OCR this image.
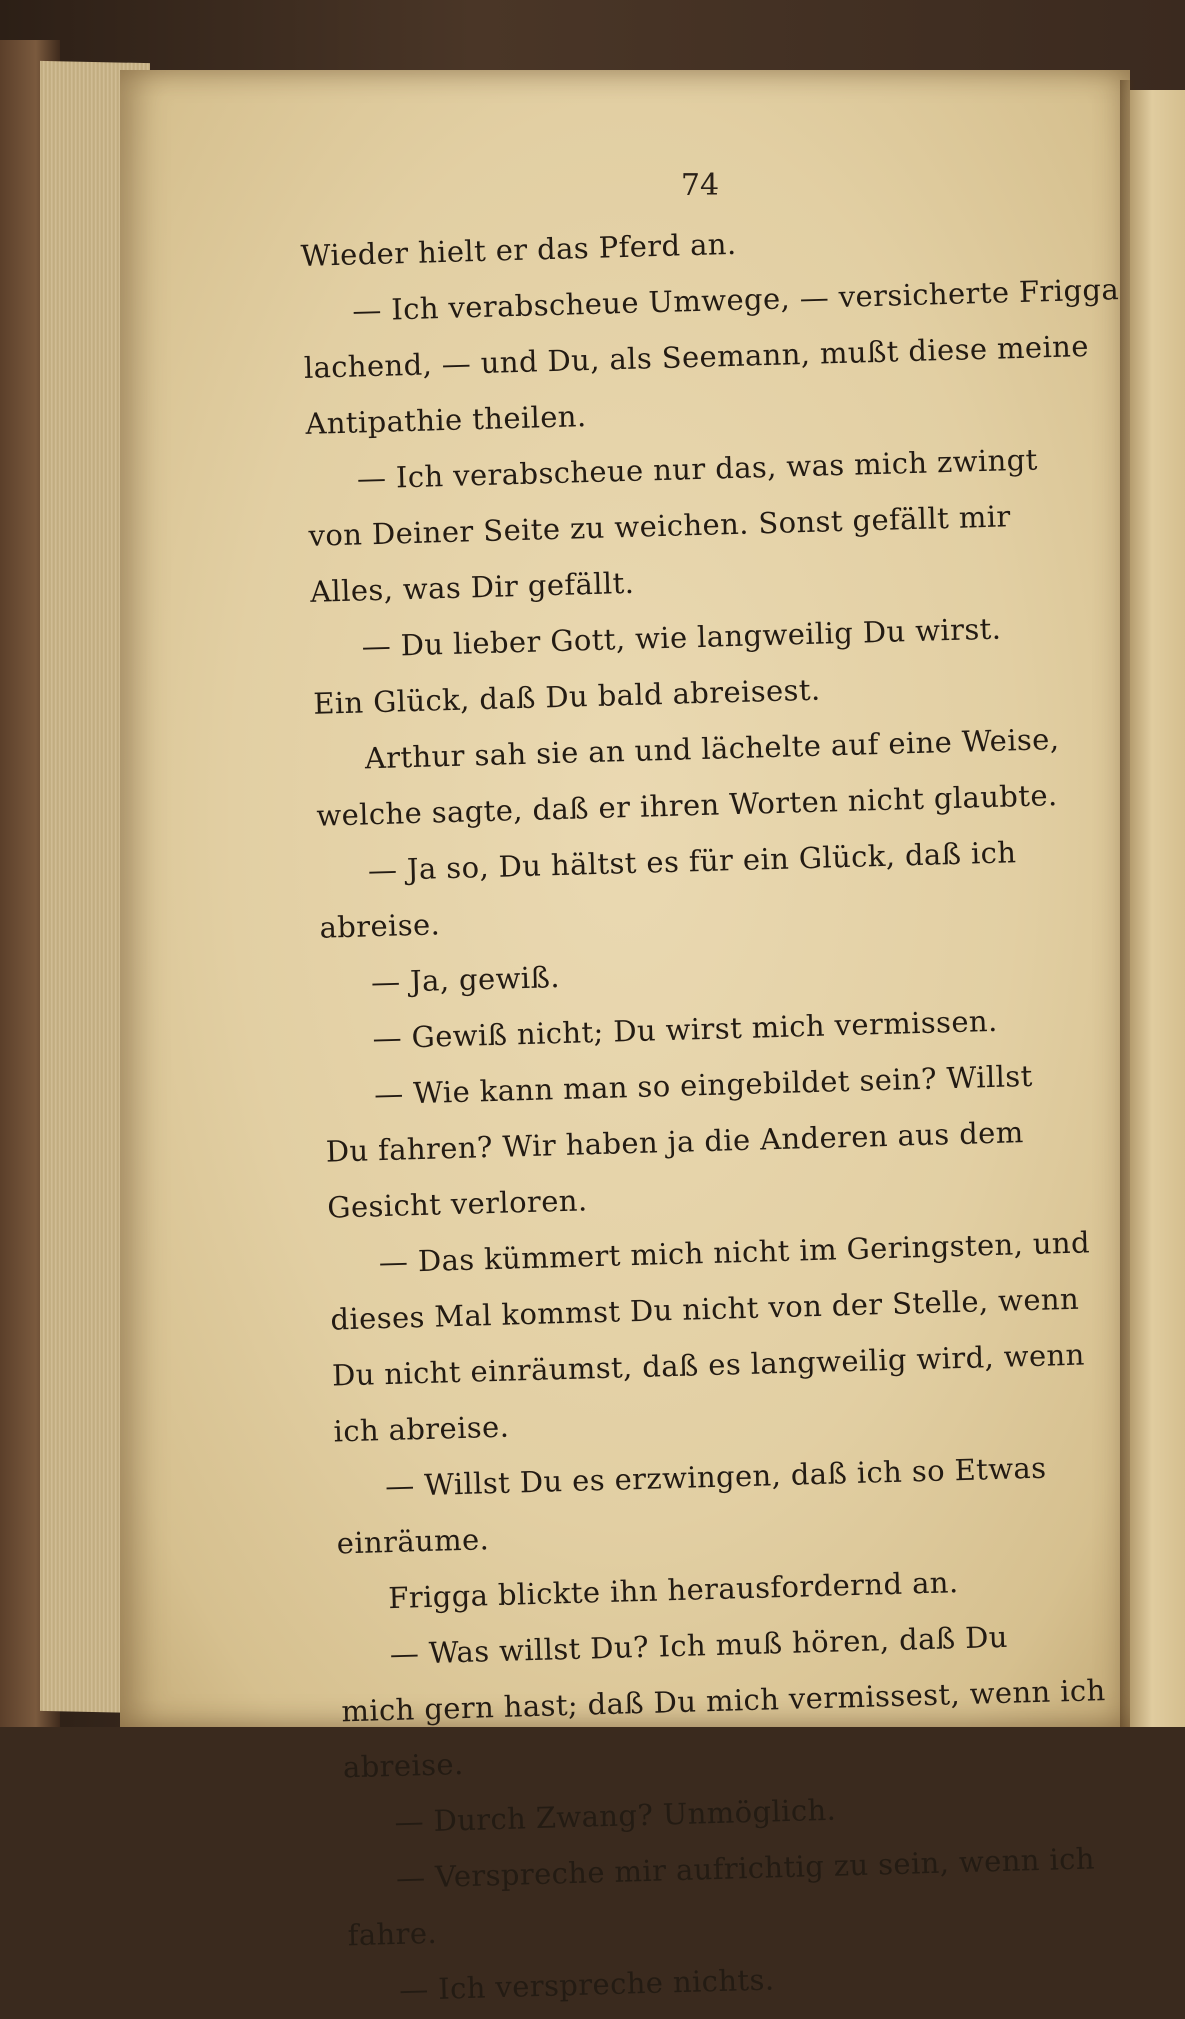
74
Wieder hielt er das Pferd an.
— Ich verabscheue Umwege, — versicherte Frigga
lachend, — und Du, als Seemann, mußt diese meine
Antipathie theilen.
— Ich verabscheue nur das, was mich zwingt
von Deiner Seite zu weichen. Sonst gefällt mir
Alles, was Dir gefällt.
— Du lieber Gott, wie langweilig Du wirst.
Ein Glück, daß Du bald abreisest.
Arthur sah sie an und lächelte auf eine Weise,
welche sagte, daß er ihren Worten nicht glaubte.
— Ja so, Du hältst es für ein Glück, daß ich
abreise.
— Ja, gewiß.
— Gewiß nicht; Du wirst mich vermissen.
— Wie kann man so eingebildet sein? Willst
Du fahren? Wir haben ja die Anderen aus dem
Gesicht verloren.
— Das kümmert mich nicht im Geringsten, und
dieses Mal kommst Du nicht von der Stelle, wenn
Du nicht einräumst, daß es langweilig wird, wenn
ich abreise.
— Willst Du es erzwingen, daß ich so Etwas
einräume.
Frigga blickte ihn herausfordernd an.
— Was willst Du? Ich muß hören, daß Du
mich gern hast; daß Du mich vermissest, wenn ich
abreise.
— Durch Zwang? Unmöglich.
— Verspreche mir aufrichtig zu sein, wenn ich
fahre.
— Ich verspreche nichts.
